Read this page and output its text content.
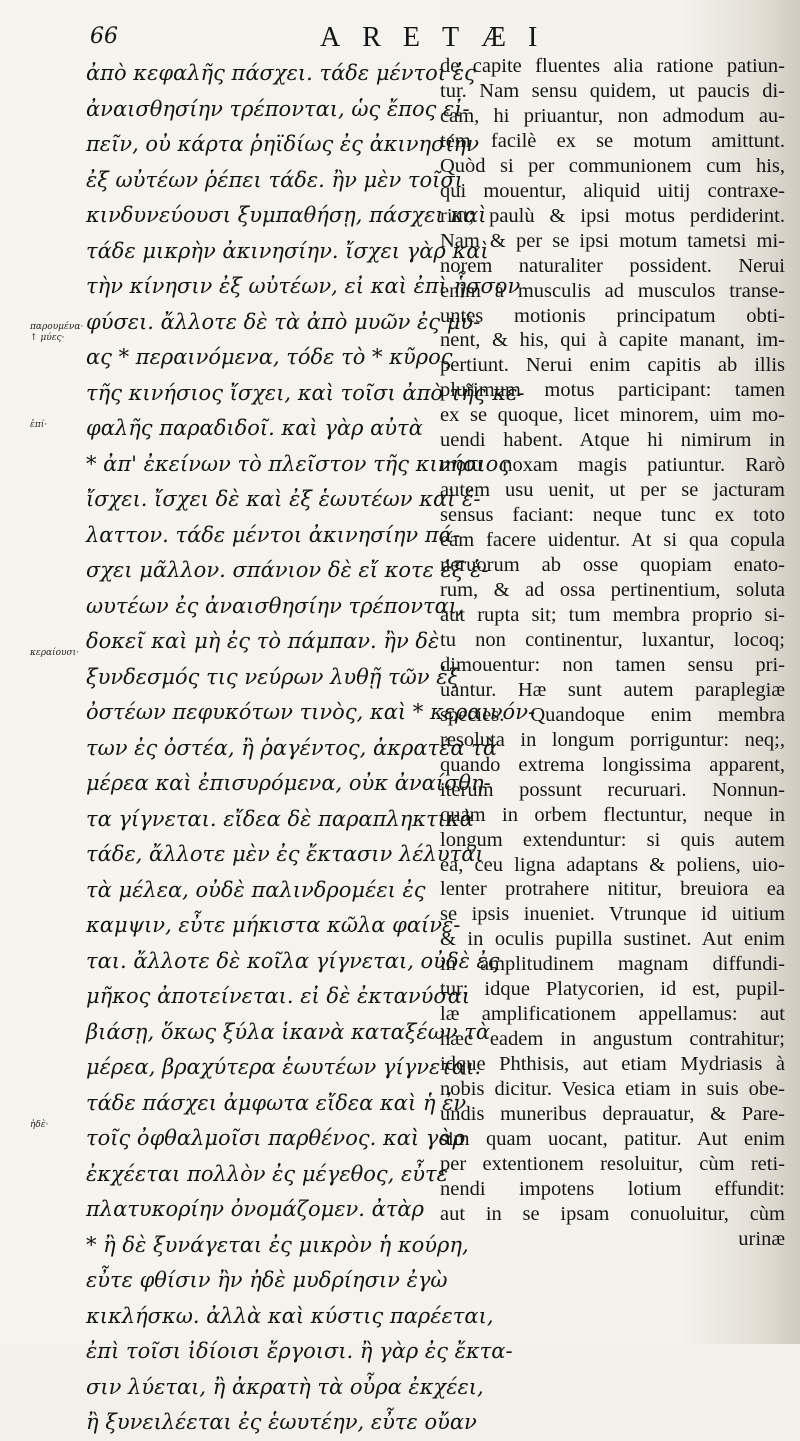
66	ARETÆI
παρουμένα· ↑ μύες·
ἐπί·
κεραίουσι·
ἠδὲ·
ἀπὸ κεφαλῆς πάσχει. τάδε μέντοι ἐς
ἀναισθησίην τρέπονται, ὡς ἔπος εἰ-
πεῖν, οὐ κάρτα ῥηϊδίως ἐς ἀκινησίην
ἐξ ωὐτέων ῥέπει τάδε. ἢν μὲν τοῖσι
κινδυνεύουσι ξυμπαθήσῃ, πάσχει καὶ
τάδε μικρὴν ἀκινησίην. ἴσχει γὰρ καὶ
τὴν κίνησιν ἐξ ωὐτέων, εἰ καὶ ἐπὶ ἧσσον
φύσει. ἄλλοτε δὲ τὰ ἀπὸ μυῶν ἐς μύ-
ας * περαινόμενα, τόδε τὸ * κῦρος
τῆς κινήσιος ἴσχει, καὶ τοῖσι ἀπὸ τῆς κε-
φαλῆς παραδιδοῖ. καὶ γὰρ αὐτὰ
* ἀπ' ἐκείνων τὸ πλεῖστον τῆς κινήσιος
ἴσχει. ἴσχει δὲ καὶ ἐξ ἑωυτέων καὶ ἔ-
λαττον. τάδε μέντοι ἀκινησίην πά-
σχει μᾶλλον. σπάνιον δὲ εἴ κοτε ἐξ ἑ-
ωυτέων ἐς ἀναισθησίην τρέπονται,
δοκεῖ καὶ μὴ ἐς τὸ πάμπαν. ἢν δὲ
ξυνδεσμός τις νεύρων λυθῇ τῶν ἐξ
ὀστέων πεφυκότων τινὸς, καὶ * κεραινόν-
των ἐς ὀστέα, ἢ ῥαγέντος, ἀκρατέα τὰ
μέρεα καὶ ἐπισυρόμενα, οὐκ ἀναίσθη-
τα γίγνεται. εἴδεα δὲ παραπληκτικὰ
τάδε, ἄλλοτε μὲν ἐς ἔκτασιν λέλυται
τὰ μέλεα, οὐδὲ παλινδρομέει ἐς
καμψιν, εὖτε μήκιστα κῶλα φαίνε-
ται. ἄλλοτε δὲ κοῖλα γίγνεται, οὐδὲ ἐς
μῆκος ἀποτείνεται. εἰ δὲ ἐκτανύσαι
βιάσῃ, ὅκως ξύλα ἱκανὰ καταξέων τὰ
μέρεα, βραχύτερα ἑωυτέων γίγνεται.
τάδε πάσχει ἀμφωτα εἴδεα καὶ ἡ ἐν
τοῖς ὀφθαλμοῖσι παρθένος. καὶ γὰρ
ἐκχέεται πολλὸν ἐς μέγεθος, εὖτε
πλατυκορίην ὀνομάζομεν. ἀτὰρ
* ἢ δὲ ξυνάγεται ἐς μικρὸν ἡ κούρη,
εὖτε φθίσιν ἢν ἠδὲ μυδρίησιν ἐγὼ
κικλήσκω. ἀλλὰ καὶ κύστις παρέεται,
ἐπὶ τοῖσι ἰδίοισι ἔργοισι. ἢ γὰρ ἐς ἔκτα-
σιν λύεται, ἢ ἀκρατὴ τὰ οὖρα ἐκχέει,
ἢ ξυνειλέεται ἐς ἑωυτέην, εὖτε οὔαν
de capite fluentes alia ratione patiun-
tur. Nam sensu quidem, ut paucis di-
cam, hi priuantur, non admodum au-
tem facilè ex se motum amittunt.
Quòd si per communionem cum his,
qui mouentur, aliquid uitij contraxe-
rint; paulù & ipsi motus perdiderint.
Nam & per se ipsi motum tametsi mi-
norem naturaliter possident. Nerui
enim à musculis ad musculos transe-
untes motionis principatum obti-
nent, & his, qui à capite manant, im-
pertiunt. Nerui enim capitis ab illis
plurimum motus participant: tamen
ex se quoque, licet minorem, uim mo-
uendi habent. Atque hi nimirum in
motu noxam magis patiuntur. Rarò
autem usu uenit, ut per se jacturam
sensus faciant: neque tunc ex toto
eam facere uidentur. At si qua copula
neruorum ab osse quopiam enato-
rum, & ad ossa pertinentium, soluta
aut rupta sit; tum membra proprio si-
tu non continentur, luxantur, locoq;
dimouentur: non tamen sensu pri-
uantur. Hæ sunt autem paraplegiæ
species. Quandoque enim membra
resoluta in longum porriguntur: neq;,
quando extrema longissima apparent,
iterum possunt recuruari. Nonnun-
quam in orbem flectuntur, neque in
longum extenduntur: si quis autem
ea, ceu ligna adaptans & poliens, uio-
lenter protrahere nititur, breuiora ea
se ipsis inueniet. Vtrunque id uitium
& in oculis pupilla sustinet. Aut enim
in amplitudinem magnam diffundi-
tur; idque Platycorien, id est, pupil-
læ amplificationem appellamus: aut
hæc eadem in angustum contrahitur;
idque Phthisis, aut etiam Mydriasis à
nobis dicitur. Vesica etiam in suis obe-
undis muneribus deprauatur, & Pare-
sim quam uocant, patitur. Aut enim
per extentionem resoluitur, cùm reti-
nendi impotens lotium effundit:
aut in se ipsam conuoluitur, cùm
urinæ
